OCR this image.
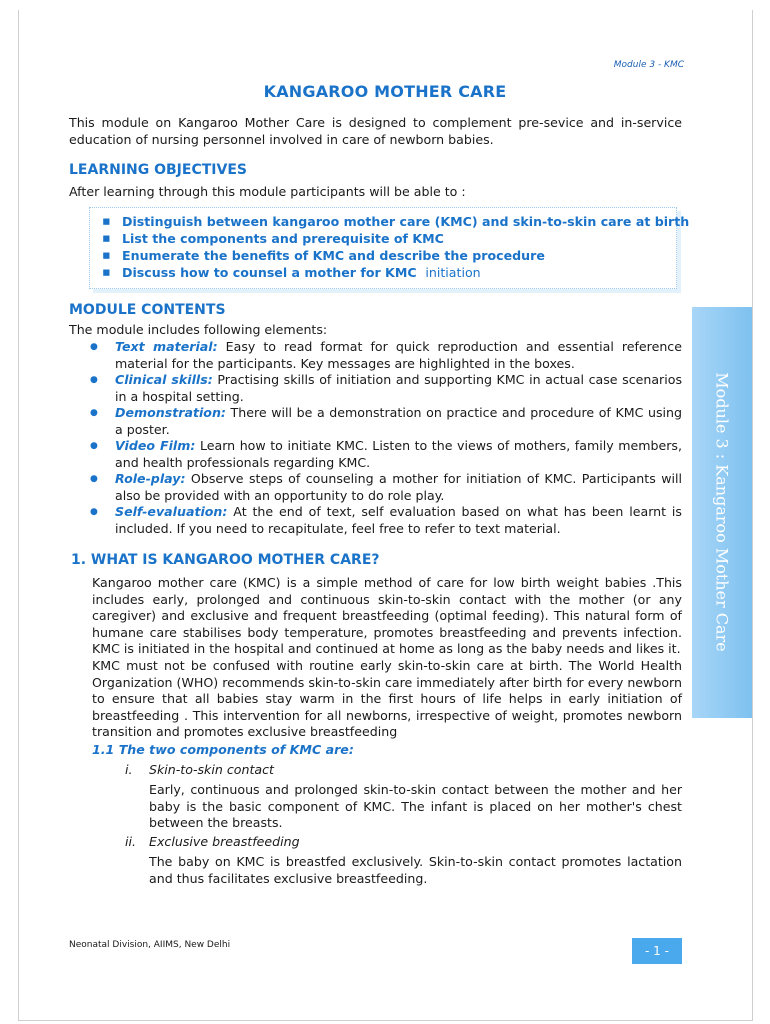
Module 3 - KMC
KANGAROO MOTHER CARE

This module on Kangaroo Mother Care is designed to complement pre-sevice and in-service education of nursing personnel involved in care of newborn babies.

LEARNING OBJECTIVES
After learning through this module participants will be able to :
▪ Distinguish between kangaroo mother care (KMC) and skin-to-skin care at birth
▪ List the components and prerequisite of KMC
▪ Enumerate the benefits of KMC and describe the procedure
▪ Discuss how to counsel a mother for KMC initiation
MODULE CONTENTS
The module includes following elements:
● Text material: Easy to read format for quick reproduction and essential reference material for the participants. Key messages are highlighted in the boxes.
● Clinical skills: Practising skills of initiation and supporting KMC in actual case scenarios in a hospital setting.
● Demonstration: There will be a demonstration on practice and procedure of KMC using a poster.
● Video Film: Learn how to initiate KMC. Listen to the views of mothers, family members, and health professionals regarding KMC.
● Role-play: Observe steps of counseling a mother for initiation of KMC. Participants will also be provided with an opportunity to do role play.
● Self-evaluation: At the end of text, self evaluation based on what has been learnt is included. If you need to recapitulate, feel free to refer to text material.
1. WHAT IS KANGAROO MOTHER CARE?

Kangaroo mother care (KMC) is a simple method of care for low birth weight babies .This includes early, prolonged and continuous skin-to-skin contact with the mother (or any caregiver) and exclusive and frequent breastfeeding (optimal feeding). This natural form of humane care stabilises body temperature, promotes breastfeeding and prevents infection. KMC is initiated in the hospital and continued at home as long as the baby needs and likes it.

KMC must not be confused with routine early skin-to-skin care at birth. The World Health Organization (WHO) recommends skin-to-skin care immediately after birth for every newborn to ensure that all babies stay warm in the first hours of life helps in early initiation of breastfeeding . This intervention for all newborns, irrespective of weight, promotes newborn transition and promotes exclusive breastfeeding

1.1 The two components of KMC are:
i. Skin-to-skin contact

Early, continuous and prolonged skin-to-skin contact between the mother and her baby is the basic component of KMC. The infant is placed on her mother's chest between the breasts.

ii. Exclusive breastfeeding

The baby on KMC is breastfed exclusively. Skin-to-skin contact promotes lactation and thus facilitates exclusive breastfeeding.

Module 3 : Kangaroo Mother Care
Neonatal Division, AIIMS, New Delhi	- 1 -
